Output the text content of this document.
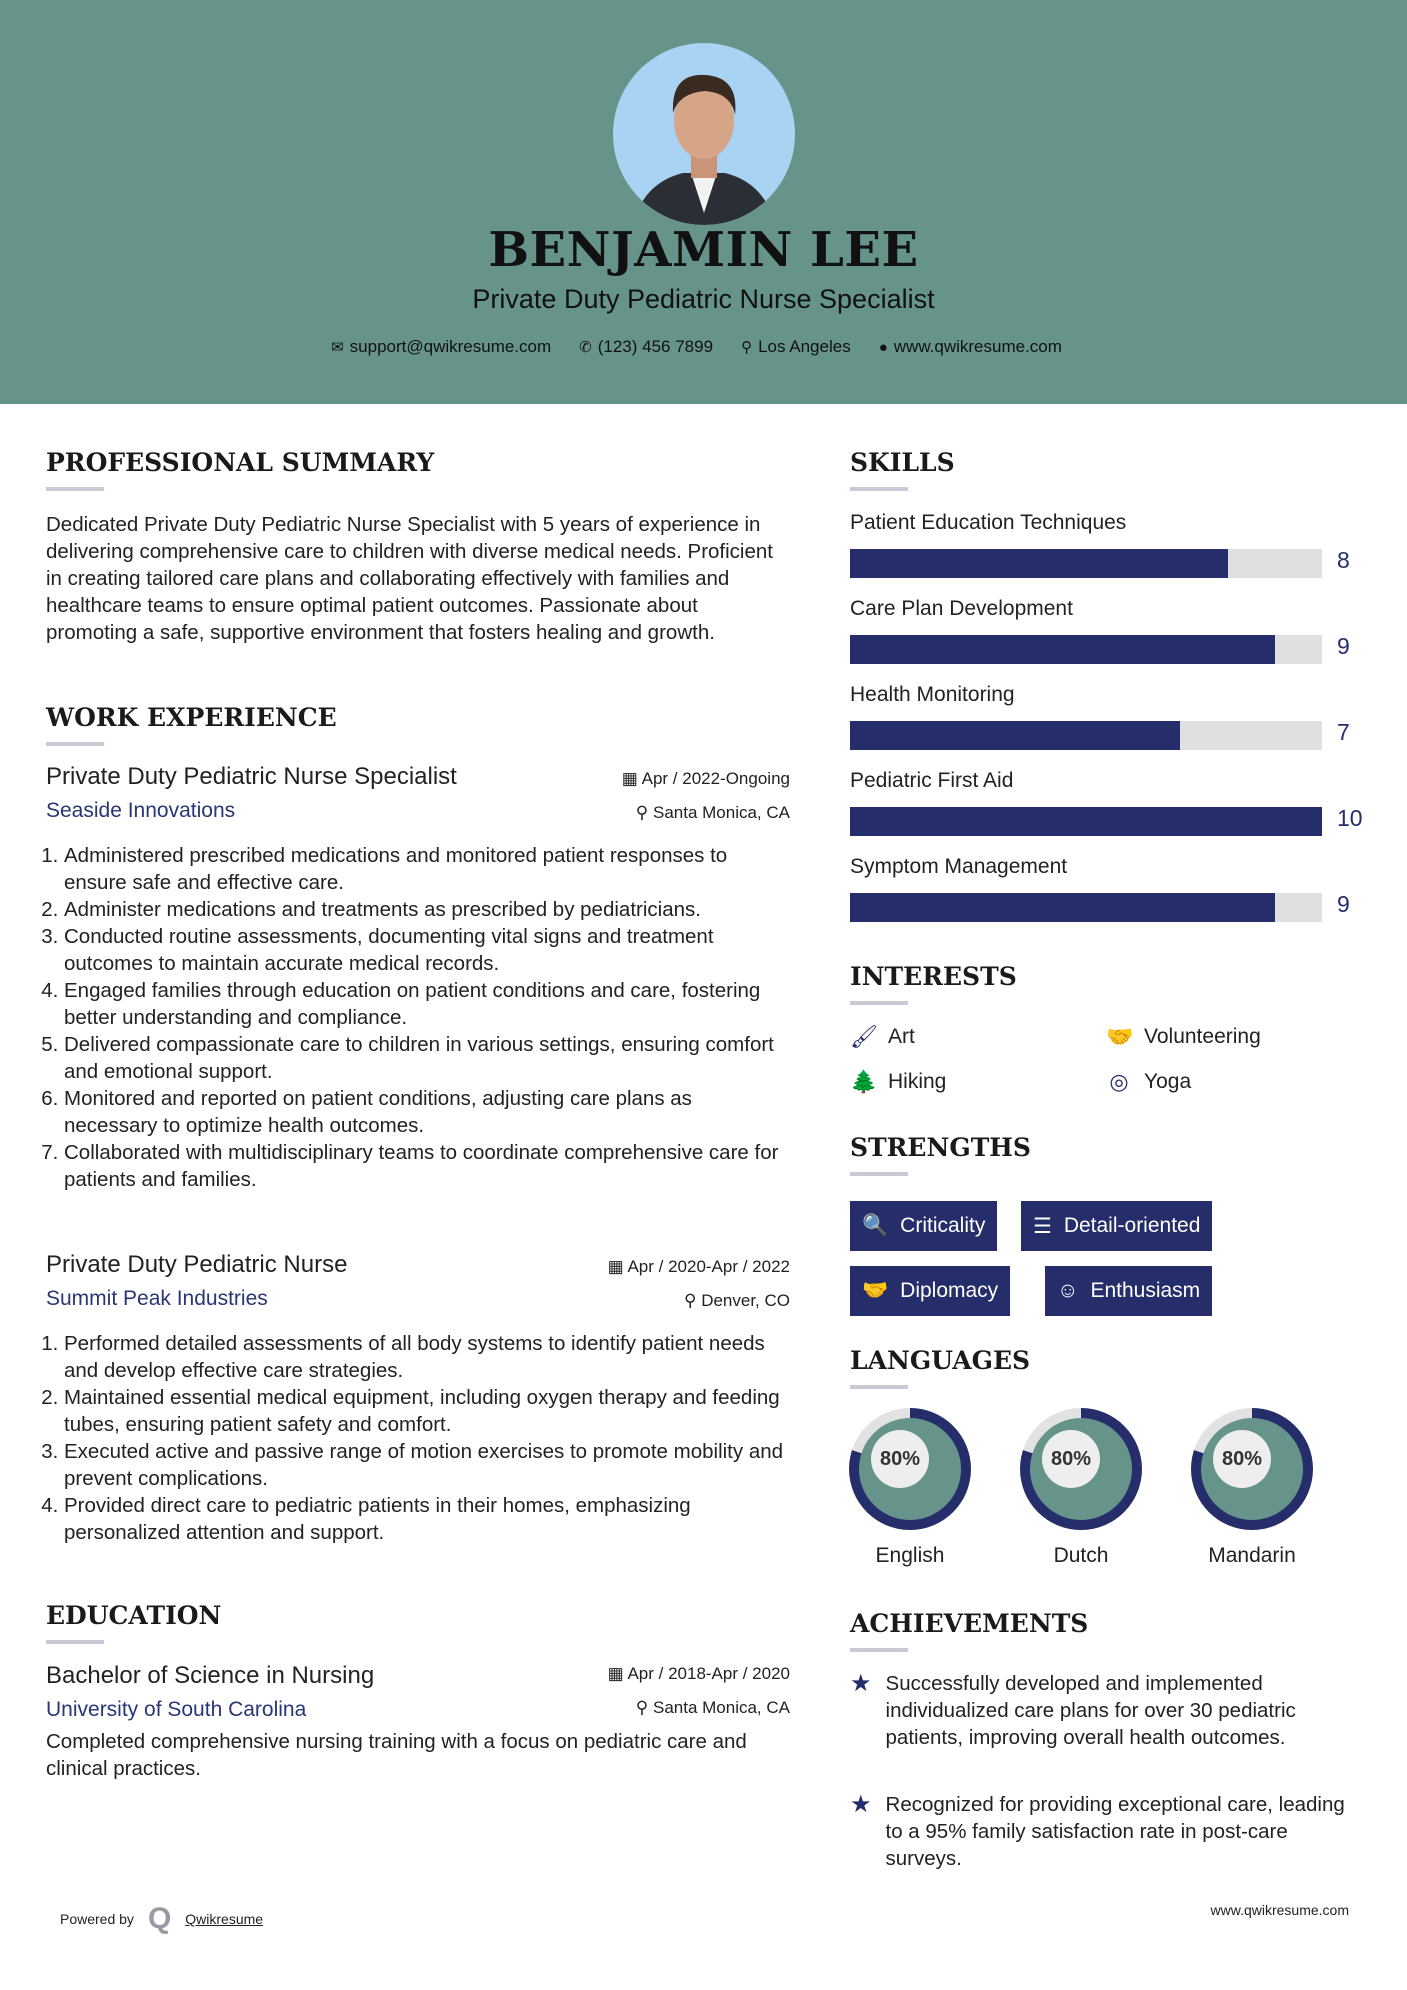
BENJAMIN LEE
Private Duty Pediatric Nurse Specialist
✉ support@qwikresume.com ✆ (123) 456 7899 ⚲ Los Angeles ● www.qwikresume.com
PROFESSIONAL SUMMARY
Dedicated Private Duty Pediatric Nurse Specialist with 5 years of experience in delivering comprehensive care to children with diverse medical needs. Proficient in creating tailored care plans and collaborating effectively with families and healthcare teams to ensure optimal patient outcomes. Passionate about promoting a safe, supportive environment that fosters healing and growth.
WORK EXPERIENCE
Private Duty Pediatric Nurse Specialist
Seaside Innovations
▦ Apr / 2022-Ongoing
⚲ Santa Monica, CA
1. Administered prescribed medications and monitored patient responses to ensure safe and effective care.
2. Administer medications and treatments as prescribed by pediatricians.
3. Conducted routine assessments, documenting vital signs and treatment outcomes to maintain accurate medical records.
4. Engaged families through education on patient conditions and care, fostering better understanding and compliance.
5. Delivered compassionate care to children in various settings, ensuring comfort and emotional support.
6. Monitored and reported on patient conditions, adjusting care plans as necessary to optimize health outcomes.
7. Collaborated with multidisciplinary teams to coordinate comprehensive care for patients and families.
Private Duty Pediatric Nurse
Summit Peak Industries
▦ Apr / 2020-Apr / 2022
⚲ Denver, CO
1. Performed detailed assessments of all body systems to identify patient needs and develop effective care strategies.
2. Maintained essential medical equipment, including oxygen therapy and feeding tubes, ensuring patient safety and comfort.
3. Executed active and passive range of motion exercises to promote mobility and prevent complications.
4. Provided direct care to pediatric patients in their homes, emphasizing personalized attention and support.
EDUCATION
Bachelor of Science in Nursing
University of South Carolina
▦ Apr / 2018-Apr / 2020
⚲ Santa Monica, CA
Completed comprehensive nursing training with a focus on pediatric care and clinical practices.
SKILLS
Patient Education Techniques
8
Care Plan Development
9
Health Monitoring
7
Pediatric First Aid
10
Symptom Management
9
INTERESTS
🖌 Art	🤝 Volunteering
🌲 Hiking	◎ Yoga
STRENGTHS
🔍 Criticality ☰ Detail-oriented
🤝 Diplomacy	☺ Enthusiasm
LANGUAGES
80%
English
80%
Dutch
80%
Mandarin
ACHIEVEMENTS
★ Successfully developed and implemented individualized care plans for over 30 pediatric patients, improving overall health outcomes.
★ Recognized for providing exceptional care, leading to a 95% family satisfaction rate in post-care surveys.
Powered by Q Qwikresume
www.qwikresume.com
